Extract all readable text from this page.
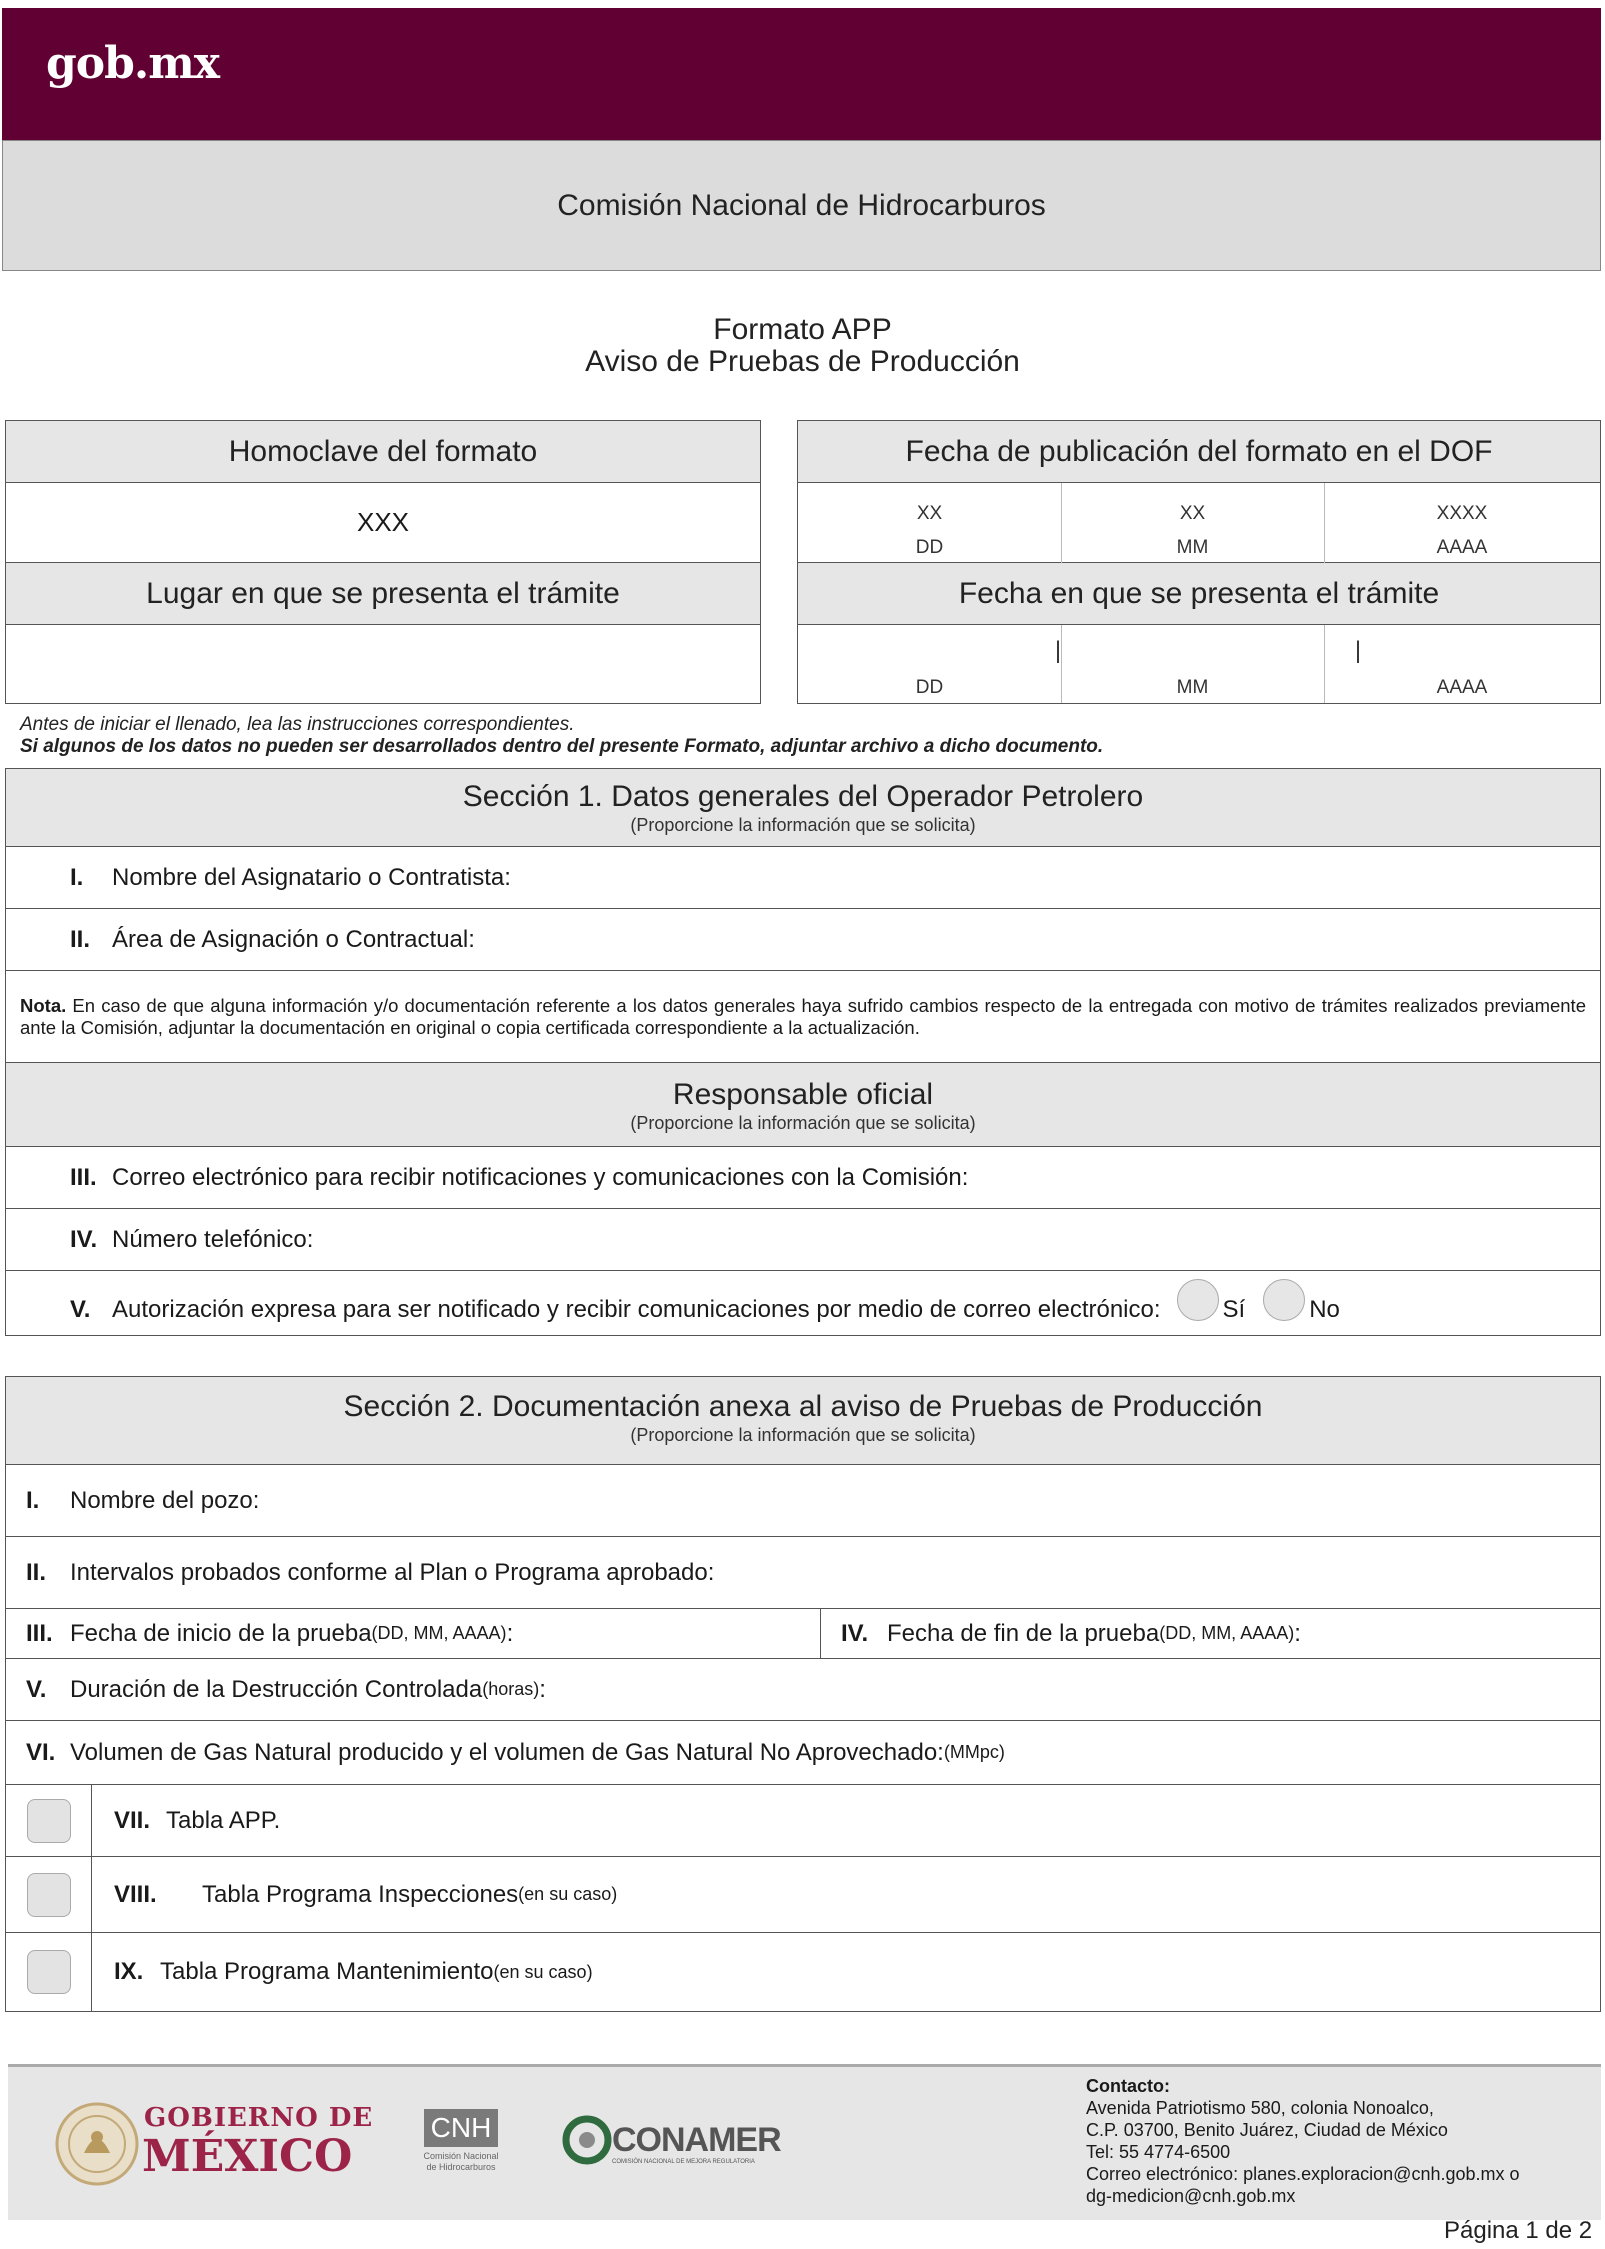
gob.mx
Comisión Nacional de Hidrocarburos
Formato APP
Aviso de Pruebas de Producción
Homoclave del formato
XXX
Lugar en que se presenta el trámite
Fecha de publicación del formato en el DOF
XX	XX	XXXX
DD	MM	AAAA
Fecha en que se presenta el trámite
|	|
DD	MM	AAAA
Antes de iniciar el llenado, lea las instrucciones correspondientes.
Si algunos de los datos no pueden ser desarrollados dentro del presente Formato, adjuntar archivo a dicho documento.
Sección 1. Datos generales del Operador Petrolero
(Proporcione la información que se solicita)
I.	Nombre del Asignatario o Contratista:
II. Área de Asignación o Contractual:
Nota. En caso de que alguna información y/o documentación referente a los datos generales haya sufrido cambios respecto de la entregada con motivo de trámites realizados previamente ante la Comisión, adjuntar la documentación en original o copia certificada correspondiente a la actualización.
Responsable oficial
(Proporcione la información que se solicita)
III. Correo electrónico para recibir notificaciones y comunicaciones con la Comisión:
IV. Número telefónico:
V. Autorización expresa para ser notificado y recibir comunicaciones por medio de correo electrónico:	Sí	No
Sección 2. Documentación anexa al aviso de Pruebas de Producción
(Proporcione la información que se solicita)
I.	Nombre del pozo:
II. Intervalos probados conforme al Plan o Programa aprobado:
III. Fecha de inicio de la prueba (DD, MM, AAAA) :	IV. Fecha de fin de la prueba (DD, MM, AAAA) :
V. Duración de la Destrucción Controlada (horas) :
VI. Volumen de Gas Natural producido y el volumen de Gas Natural No Aprovechado: (MMpc)
VII. Tabla APP.
VIII.	Tabla Programa Inspecciones (en su caso)
IX. Tabla Programa Mantenimiento (en su caso)
GOBIERNO DE
MÉXICO
CNH
Comisión Nacional
de Hidrocarburos
CONAMER
COMISIÓN NACIONAL DE MEJORA REGULATORIA
Contacto:
Avenida Patriotismo 580, colonia Nonoalco,
C.P. 03700, Benito Juárez, Ciudad de México
Tel: 55 4774-6500
Correo electrónico: planes.exploracion@cnh.gob.mx o
dg-medicion@cnh.gob.mx
Página 1 de 2
